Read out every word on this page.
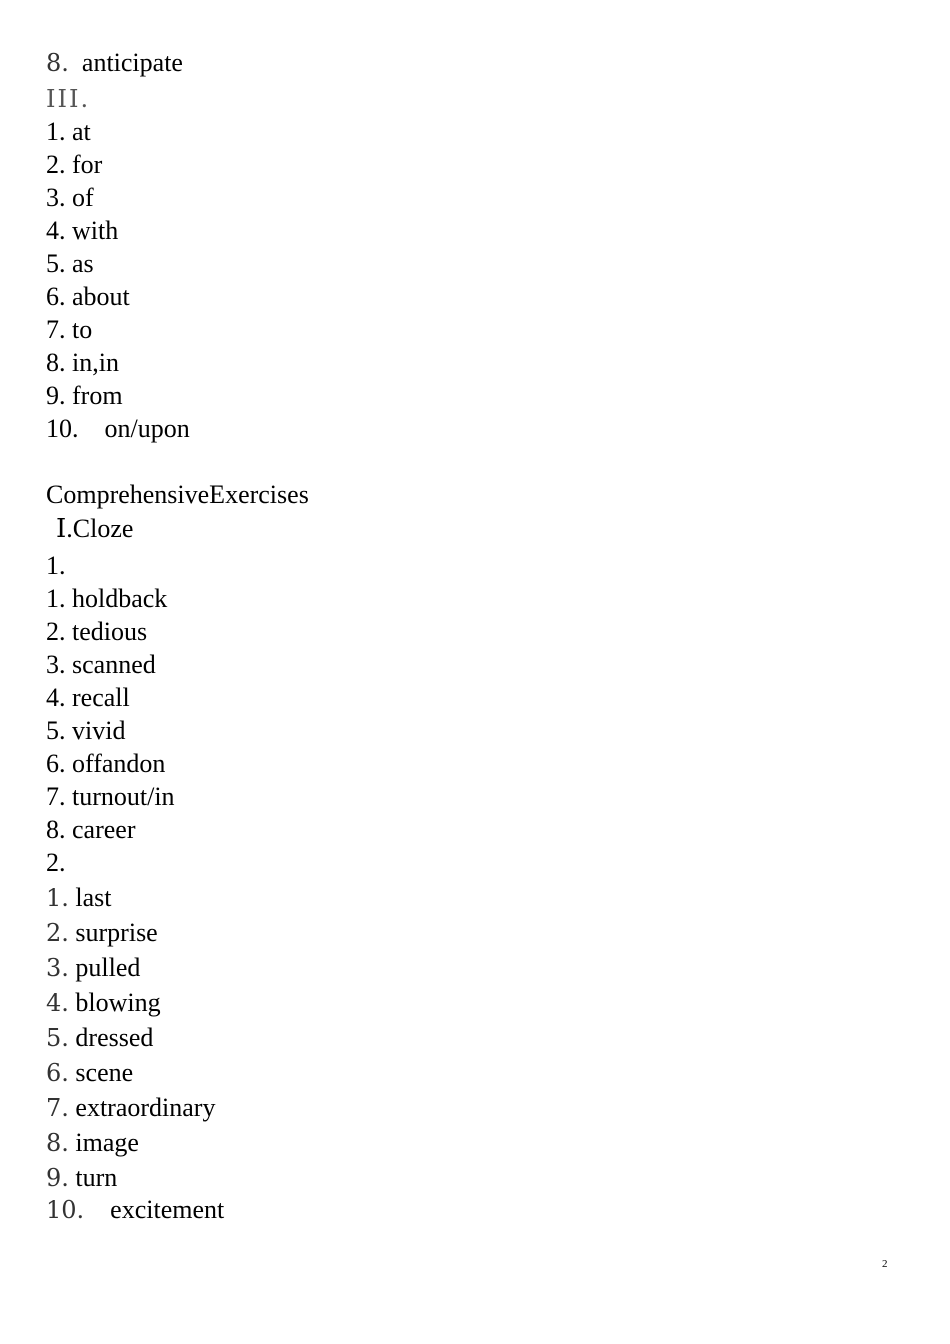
8. anticipate
III.
1. at
2. for
3. of
4. with
5. as
6. about
7. to
8. in,in
9. from
10. on/upon
ComprehensiveExercises
Ⅰ.Cloze
1.
1. holdback
2. tedious
3. scanned
4. recall
5. vivid
6. offandon
7. turnout/in
8. career
2.
1. last
2. surprise
3. pulled
4. blowing
5. dressed
6. scene
7. extraordinary
8. image
9. turn
10. excitement
2
